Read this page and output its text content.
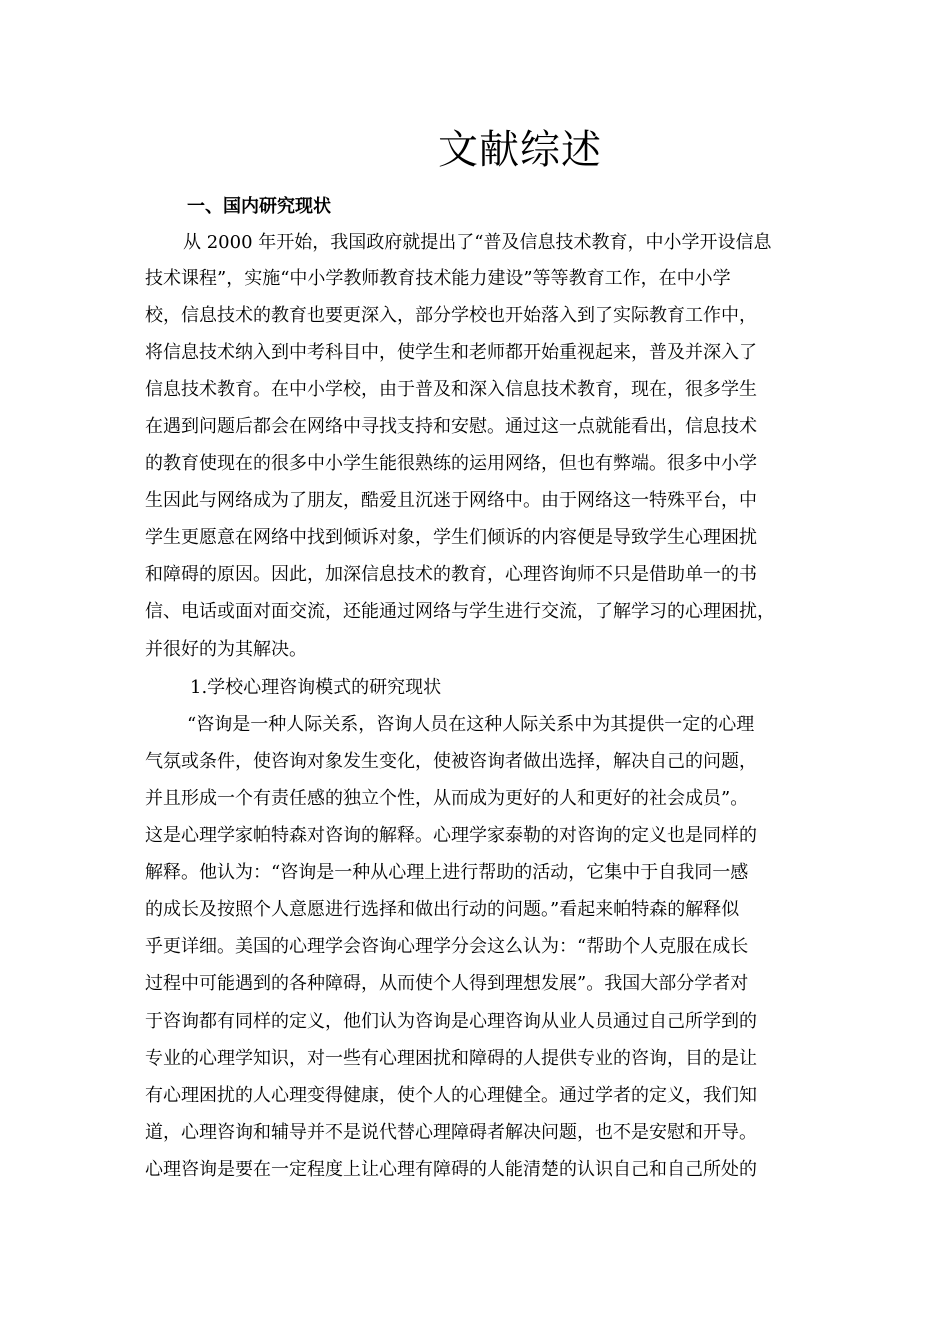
文献综述
一、国内研究现状
从 2000 年开始，我国政府就提出了“普及信息技术教育，中小学开设信息
技术课程”，实施“中小学教师教育技术能力建设”等等教育工作，在中小学
校，信息技术的教育也要更深入，部分学校也开始落入到了实际教育工作中，
将信息技术纳入到中考科目中，使学生和老师都开始重视起来，普及并深入了
信息技术教育。在中小学校，由于普及和深入信息技术教育，现在，很多学生
在遇到问题后都会在网络中寻找支持和安慰。通过这一点就能看出，信息技术
的教育使现在的很多中小学生能很熟练的运用网络，但也有弊端。很多中小学
生因此与网络成为了朋友，酷爱且沉迷于网络中。由于网络这一特殊平台，中
学生更愿意在网络中找到倾诉对象，学生们倾诉的内容便是导致学生心理困扰
和障碍的原因。因此，加深信息技术的教育，心理咨询师不只是借助单一的书
信、电话或面对面交流，还能通过网络与学生进行交流，了解学习的心理困扰，
并很好的为其解决。
1.学校心理咨询模式的研究现状
“咨询是一种人际关系，咨询人员在这种人际关系中为其提供一定的心理
气氛或条件，使咨询对象发生变化，使被咨询者做出选择，解决自己的问题，
并且形成一个有责任感的独立个性，从而成为更好的人和更好的社会成员”。
这是心理学家帕特森对咨询的解释。心理学家泰勒的对咨询的定义也是同样的
解释。他认为：“咨询是一种从心理上进行帮助的活动，它集中于自我同一感
的成长及按照个人意愿进行选择和做出行动的问题。”看起来帕特森的解释似
乎更详细。美国的心理学会咨询心理学分会这么认为：“帮助个人克服在成长
过程中可能遇到的各种障碍，从而使个人得到理想发展”。我国大部分学者对
于咨询都有同样的定义，他们认为咨询是心理咨询从业人员通过自己所学到的
专业的心理学知识，对一些有心理困扰和障碍的人提供专业的咨询，目的是让
有心理困扰的人心理变得健康，使个人的心理健全。通过学者的定义，我们知
道，心理咨询和辅导并不是说代替心理障碍者解决问题，也不是安慰和开导。
心理咨询是要在一定程度上让心理有障碍的人能清楚的认识自己和自己所处的
